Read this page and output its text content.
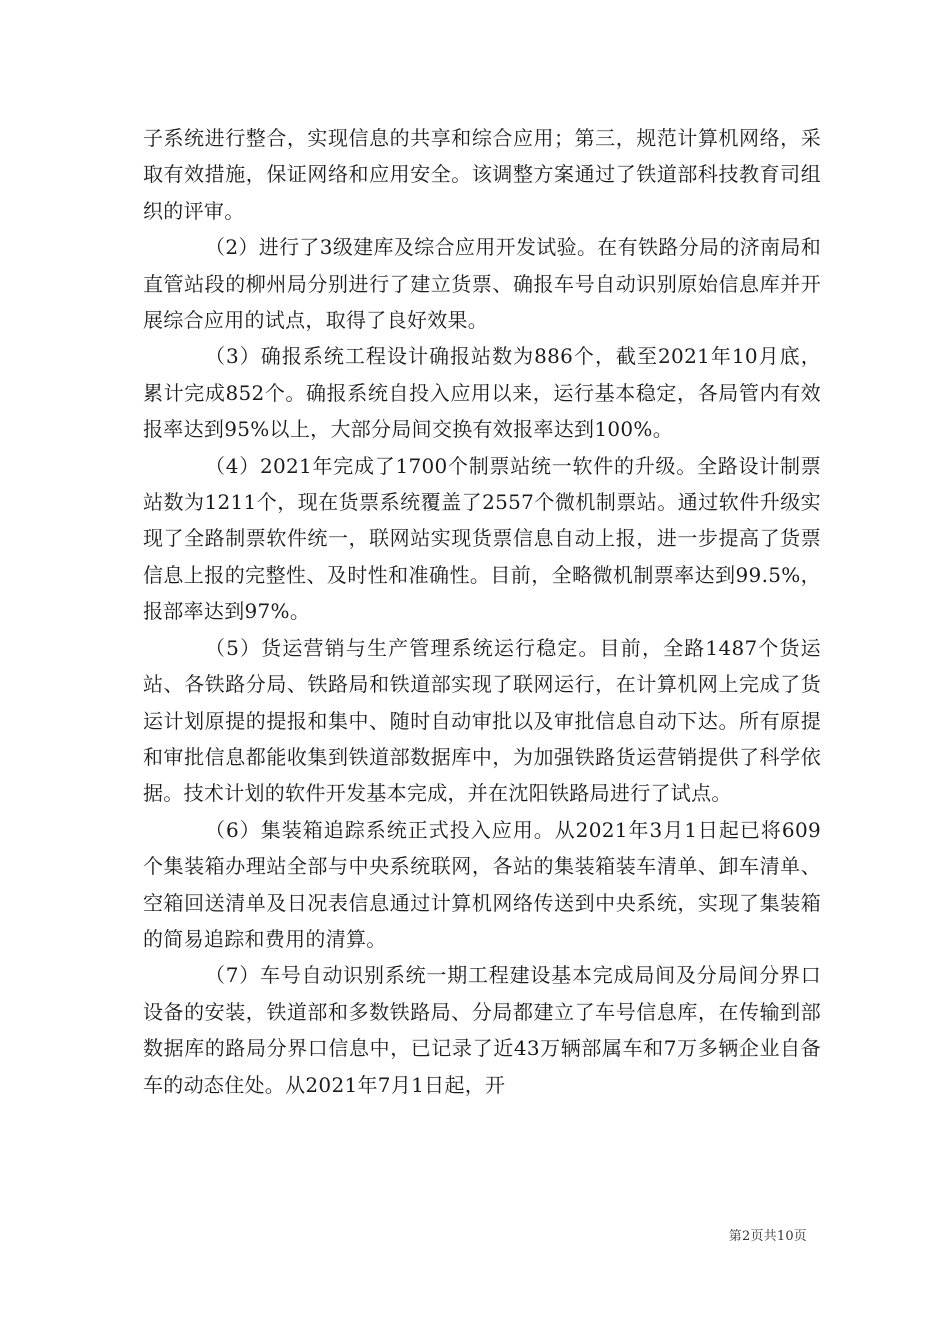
子系统进行整合，实现信息的共享和综合应用；第三，规范计算机网络，采取有效措施，保证网络和应用安全。该调整方案通过了铁道部科技教育司组织的评审。

（2）进行了3级建库及综合应用开发试验。在有铁路分局的济南局和直管站段的柳州局分别进行了建立货票、确报车号自动识别原始信息库并开展综合应用的试点，取得了良好效果。

（3）确报系统工程设计确报站数为886个，截至2021年10月底，累计完成852个。确报系统自投入应用以来，运行基本稳定，各局管内有效报率达到95%以上，大部分局间交换有效报率达到100%。

（4）2021年完成了1700个制票站统一软件的升级。全路设计制票站数为1211个，现在货票系统覆盖了2557个微机制票站。通过软件升级实现了全路制票软件统一，联网站实现货票信息自动上报，进一步提高了货票信息上报的完整性、及时性和准确性。目前，全略微机制票率达到99.5%，报部率达到97%。

（5）货运营销与生产管理系统运行稳定。目前，全路1487个货运站、各铁路分局、铁路局和铁道部实现了联网运行，在计算机网上完成了货运计划原提的提报和集中、随时自动审批以及审批信息自动下达。所有原提和审批信息都能收集到铁道部数据库中，为加强铁路货运营销提供了科学依据。技术计划的软件开发基本完成，并在沈阳铁路局进行了试点。

（6）集装箱追踪系统正式投入应用。从2021年3月1日起已将609个集装箱办理站全部与中央系统联网，各站的集装箱装车清单、卸车清单、空箱回送清单及日况表信息通过计算机网络传送到中央系统，实现了集装箱的简易追踪和费用的清算。

（7）车号自动识别系统一期工程建设基本完成局间及分局间分界口设备的安装，铁道部和多数铁路局、分局都建立了车号信息库，在传输到部数据库的路局分界口信息中，已记录了近43万辆部属车和7万多辆企业自备车的动态住处。从2021年7月1日起，开

第2页共10页
